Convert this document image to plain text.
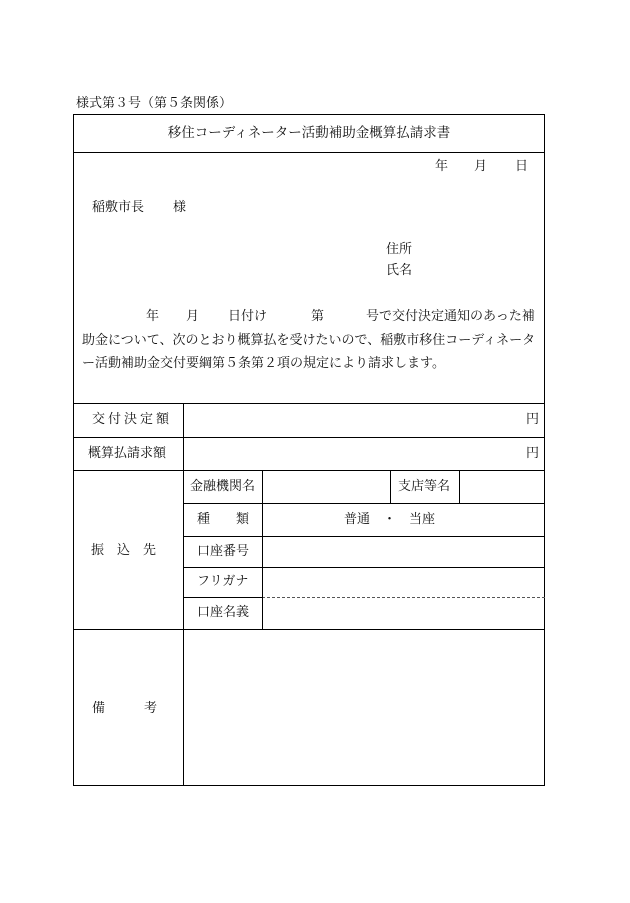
様式第３号（第５条関係）
移住コーディネーター活動補助金概算払請求書
年 月 日
稲敷市長 様
住所
氏名
年 月 日付け	第	号で交付決定通知のあった補
助金について、次のとおり概算払を受けたいので、稲敷市移住コーディネータ
ー活動補助金交付要綱第５条第２項の規定により請求します。
交付決定額	円
概算払請求額	円
振　込　先
金融機関名	支店等名
種　　類	普通　・　当座
口座番号
フリガナ
口座名義
備　　　考
